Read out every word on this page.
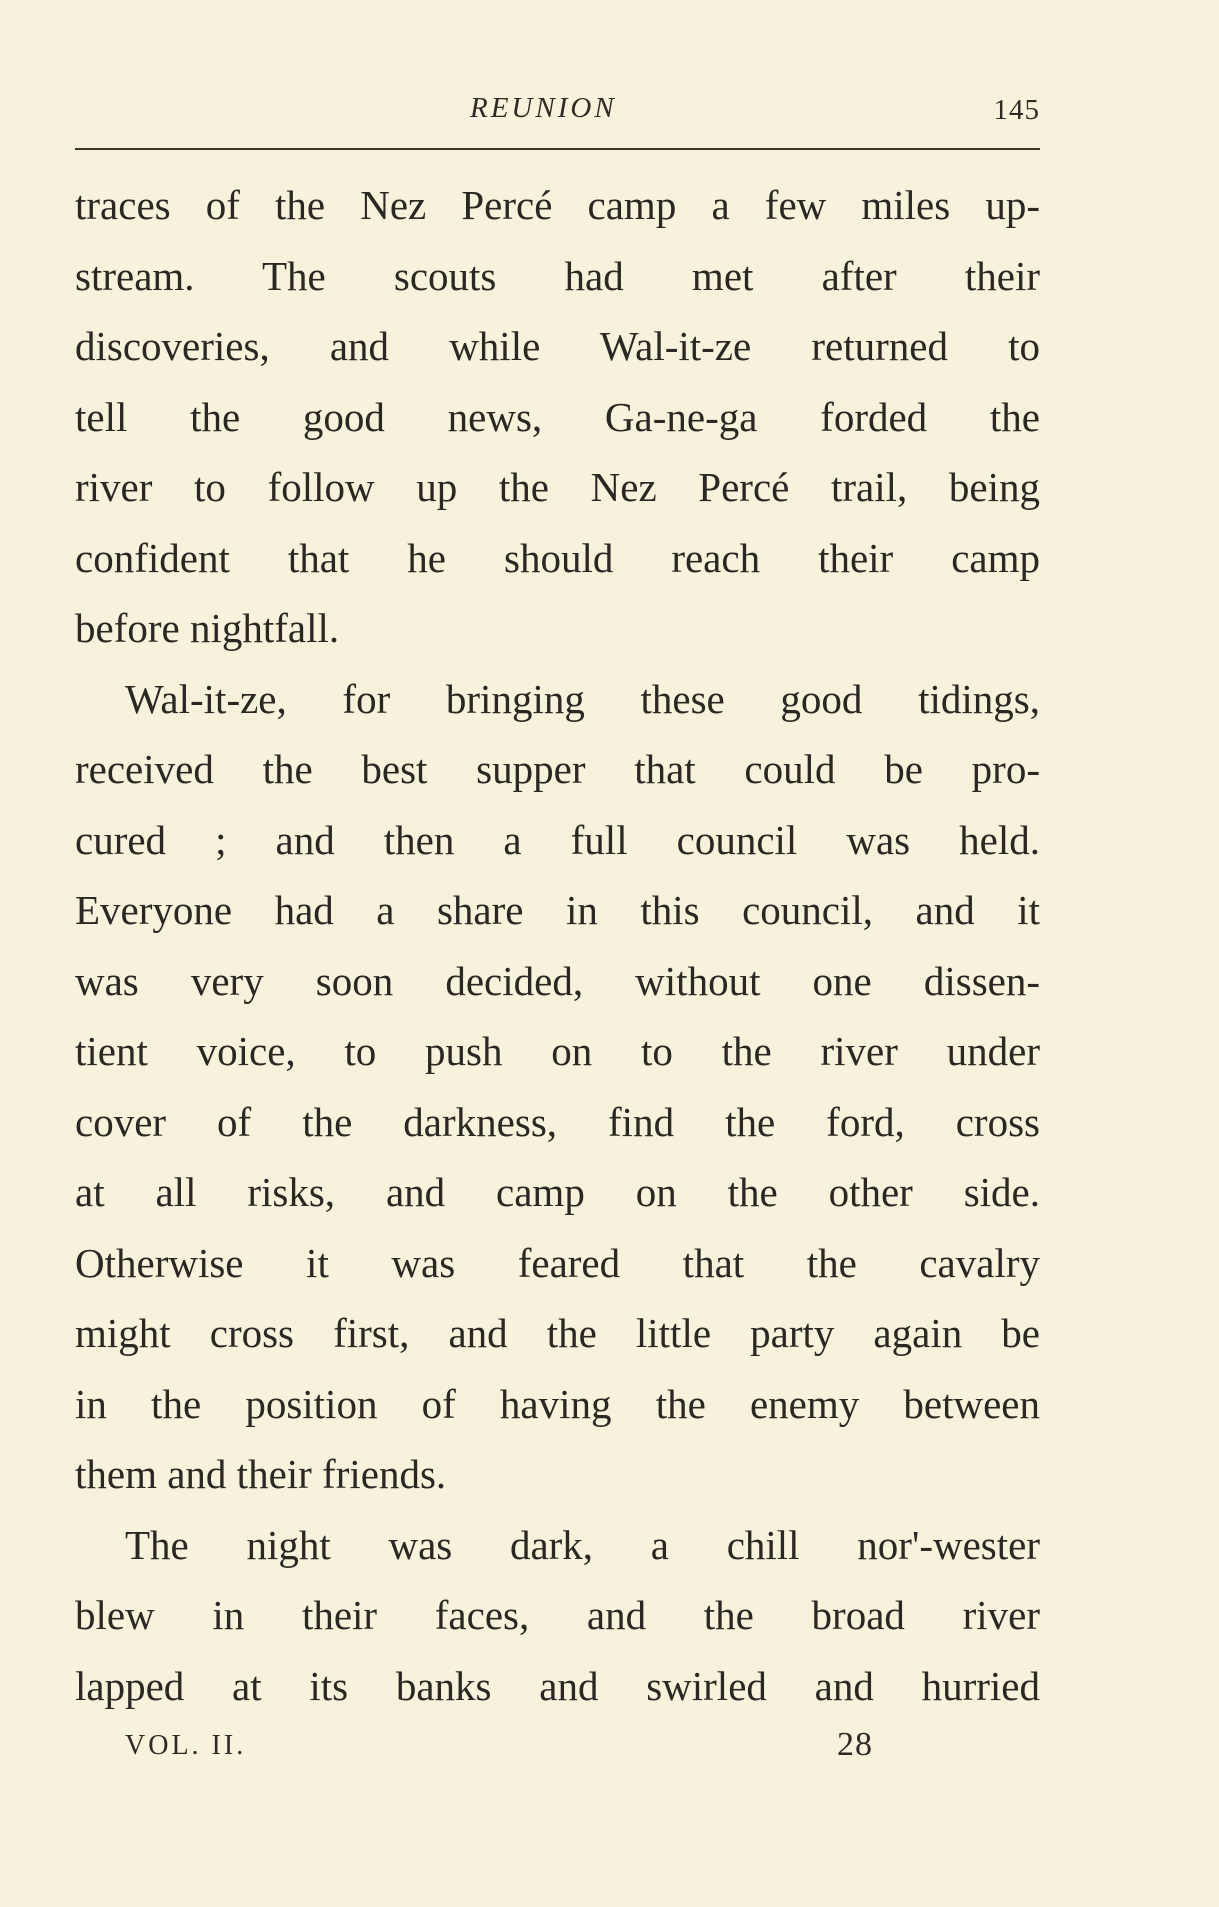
REUNION	145
traces of the Nez Percé camp a few miles up-
stream. The scouts had met after their
discoveries, and while Wal-it-ze returned to
tell the good news, Ga-ne-ga forded the
river to follow up the Nez Percé trail, being
confident that he should reach their camp
before nightfall.
Wal-it-ze, for bringing these good tidings,
received the best supper that could be pro-
cured ; and then a full council was held.
Everyone had a share in this council, and it
was very soon decided, without one dissen-
tient voice, to push on to the river under
cover of the darkness, find the ford, cross
at all risks, and camp on the other side.
Otherwise it was feared that the cavalry
might cross first, and the little party again be
in the position of having the enemy between
them and their friends.
The night was dark, a chill nor'-wester
blew in their faces, and the broad river
lapped at its banks and swirled and hurried
VOL. II.	28
